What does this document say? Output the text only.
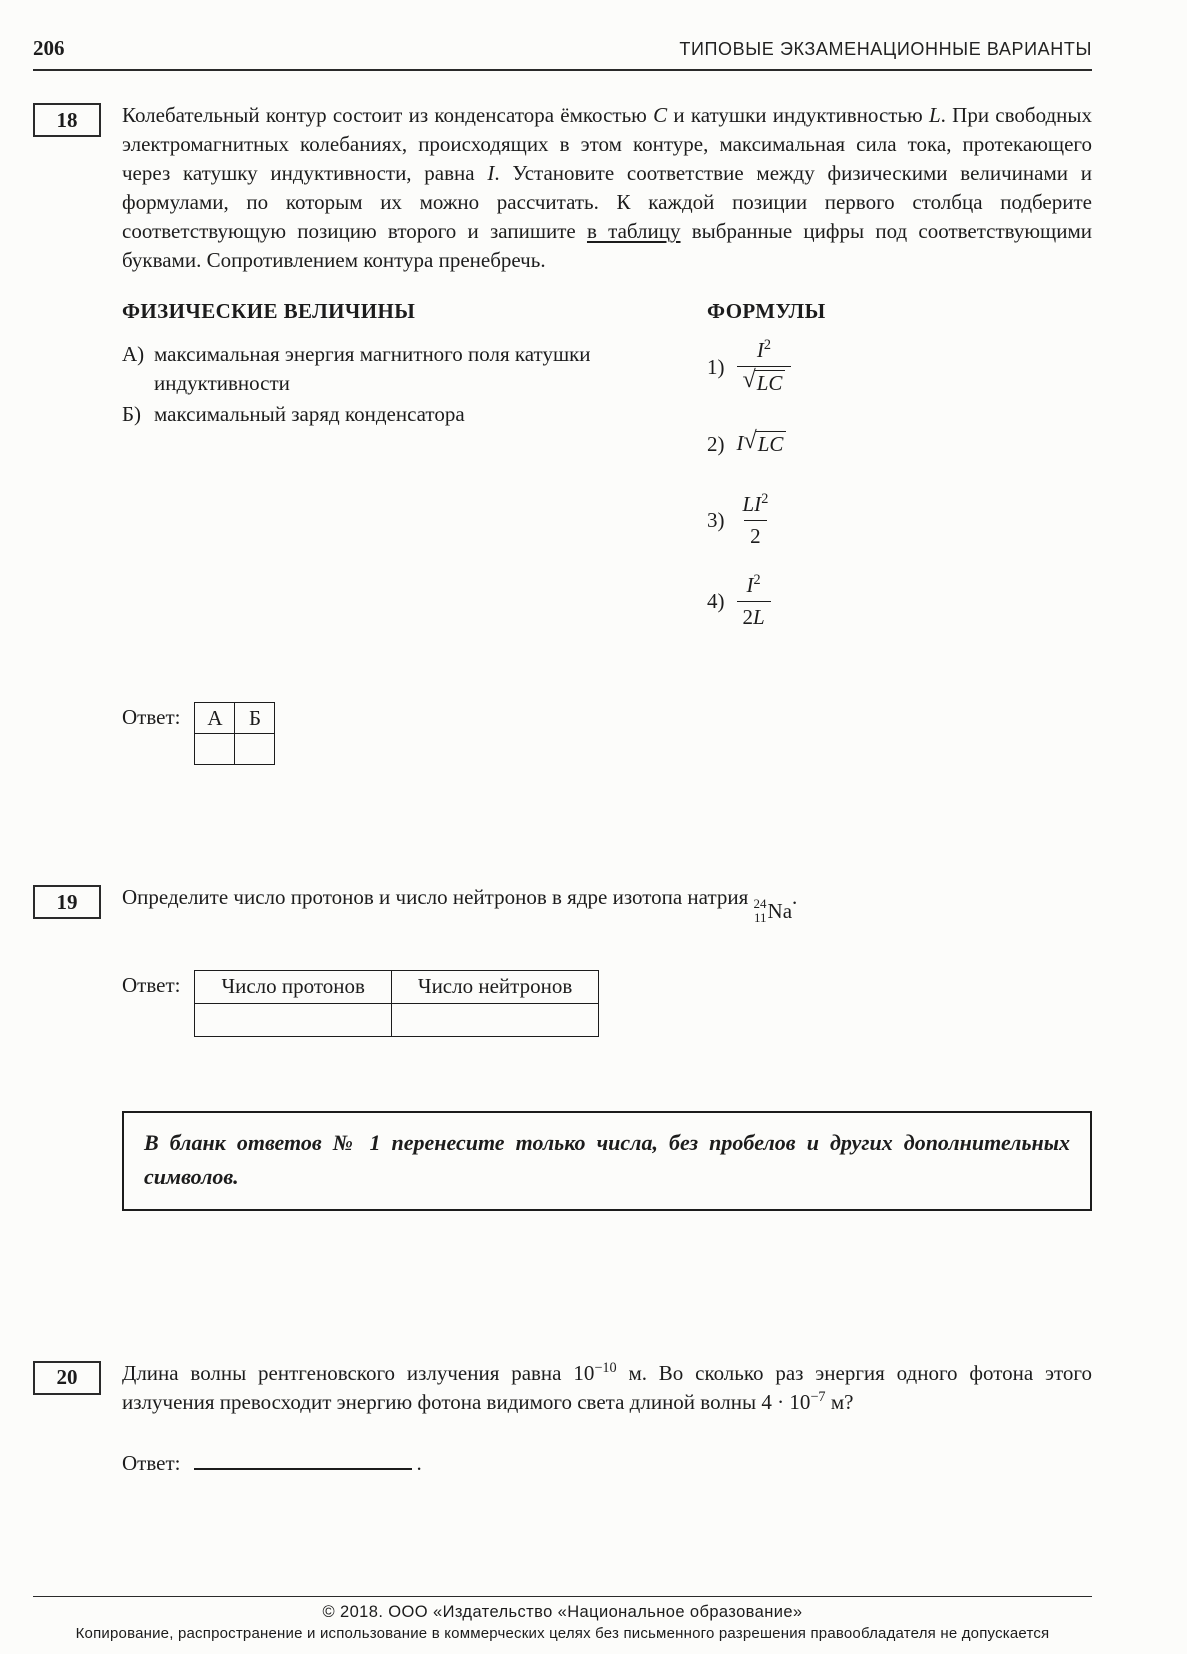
206	ТИПОВЫЕ ЭКЗАМЕНАЦИОННЫЕ ВАРИАНТЫ
18 Колебательный контур состоит из конденсатора ёмкостью C и катушки индуктивностью L. При свободных электромагнитных колебаниях, происходящих в этом контуре, максимальная сила тока, протекающего через катушку индуктивности, равна I. Установите соответствие между физическими величинами и формулами, по которым их можно рассчитать. К каждой позиции первого столбца подберите соответствующую позицию второго и запишите в таблицу выбранные цифры под соответствующими буквами. Сопротивлением контура пренебречь.

ФИЗИЧЕСКИЕ ВЕЛИЧИНЫ
А) максимальная энергия магнитного поля катушки индуктивности
Б) максимальный заряд конденсатора
ФОРМУЛЫ
$1) \frac{I^2}{√ LC}$
2) I √ LC
$3) \frac{LI^2}{2}$
$4) \frac{I^2}{2L}$
Ответ: А	Б

19 Определите число протонов и число нейтронов в ядре изотопа натрия 24
11 Na
.

Ответ: Число протонов	Число нейтронов

В бланк ответов № 1 перенесите только числа, без пробелов и других дополнительных символов.
20 Длина волны рентгеновского излучения равна $10^{-10}$ м. Во сколько раз энергия одного фотона этого излучения превосходит энергию фотона видимого света длиной волны $4 \cdot 10^{-7}$ м?

Ответ:	.
© 2018. ООО «Издательство «Национальное образование»
Копирование, распространение и использование в коммерческих целях без письменного разрешения правообладателя не допускается
